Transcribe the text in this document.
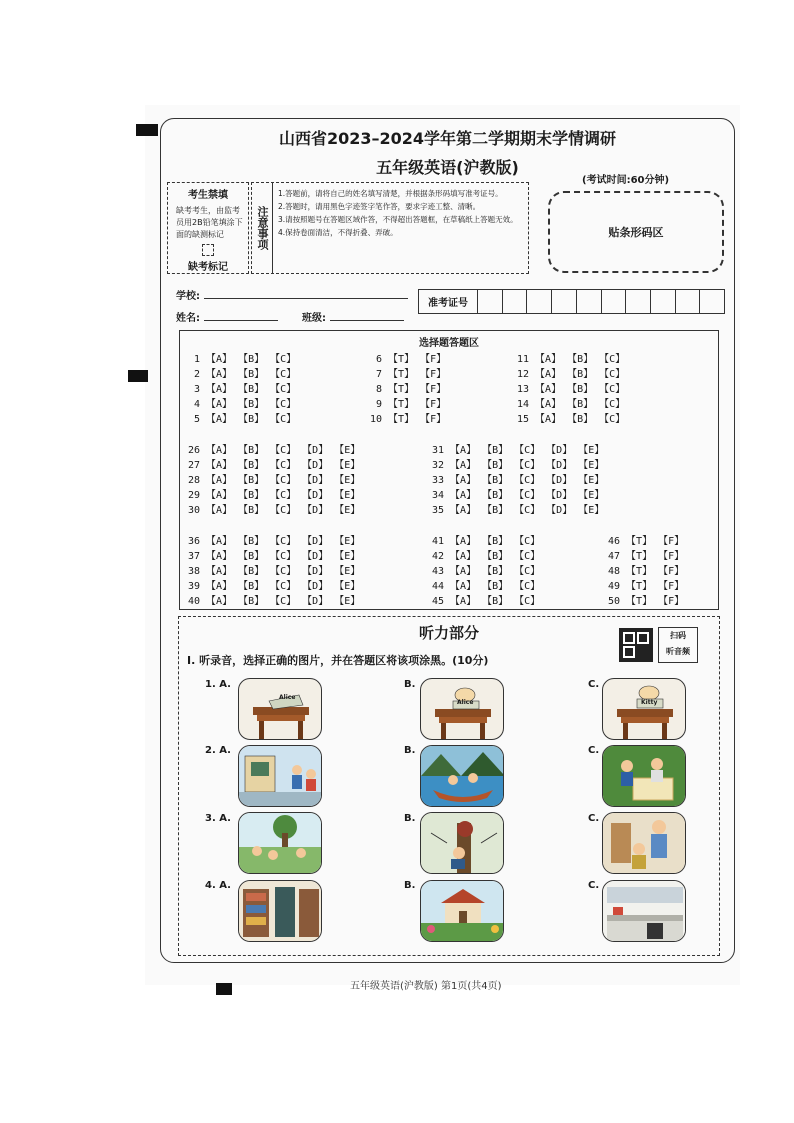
山西省2023–2024学年第二学期期末学情调研
五年级英语(沪教版)
(考试时间:60分钟)
贴条形码区
考生禁填
缺考考生，由监考员用2B铅笔填涂下面的缺测标记
缺考标记
注意事项
1.答题前，请将自己的姓名填写清楚，并根据条形码填写准考证号。
2.答题时，请用黑色字迹签字笔作答，要求字迹工整、清晰。
3.请按照题号在答题区域作答，不得超出答题框，在草稿纸上答题无效。
4.保持卷面清洁，不得折叠、弄破。
学校:
姓名:	班级:
准考证号
选择题答题区
1 【A】 【B】 【C】
2 【A】 【B】 【C】
3 【A】 【B】 【C】
4 【A】 【B】 【C】
5 【A】 【B】 【C】
6 【T】 【F】
7 【T】 【F】
8 【T】 【F】
9 【T】 【F】
10 【T】 【F】
11 【A】 【B】 【C】
12 【A】 【B】 【C】
13 【A】 【B】 【C】
14 【A】 【B】 【C】
15 【A】 【B】 【C】
26 【A】 【B】 【C】 【D】 【E】
27 【A】 【B】 【C】 【D】 【E】
28 【A】 【B】 【C】 【D】 【E】
29 【A】 【B】 【C】 【D】 【E】
30 【A】 【B】 【C】 【D】 【E】
31 【A】 【B】 【C】 【D】 【E】
32 【A】 【B】 【C】 【D】 【E】
33 【A】 【B】 【C】 【D】 【E】
34 【A】 【B】 【C】 【D】 【E】
35 【A】 【B】 【C】 【D】 【E】
36 【A】 【B】 【C】 【D】 【E】
37 【A】 【B】 【C】 【D】 【E】
38 【A】 【B】 【C】 【D】 【E】
39 【A】 【B】 【C】 【D】 【E】
40 【A】 【B】 【C】 【D】 【E】
41 【A】 【B】 【C】
42 【A】 【B】 【C】
43 【A】 【B】 【C】
44 【A】 【B】 【C】
45 【A】 【B】 【C】
46 【T】 【F】
47 【T】 【F】
48 【T】 【F】
49 【T】 【F】
50 【T】 【F】
听力部分	扫码
听音频
Ⅰ. 听录音，选择正确的图片，并在答题区将该项涂黑。(10分)
1. A.	B.	C.
2. A.	B.	C.
3. A.	B.	C.
4. A.	B.	C.
Alice
Alice	Kitty
五年级英语(沪教版) 第1页(共4页)
